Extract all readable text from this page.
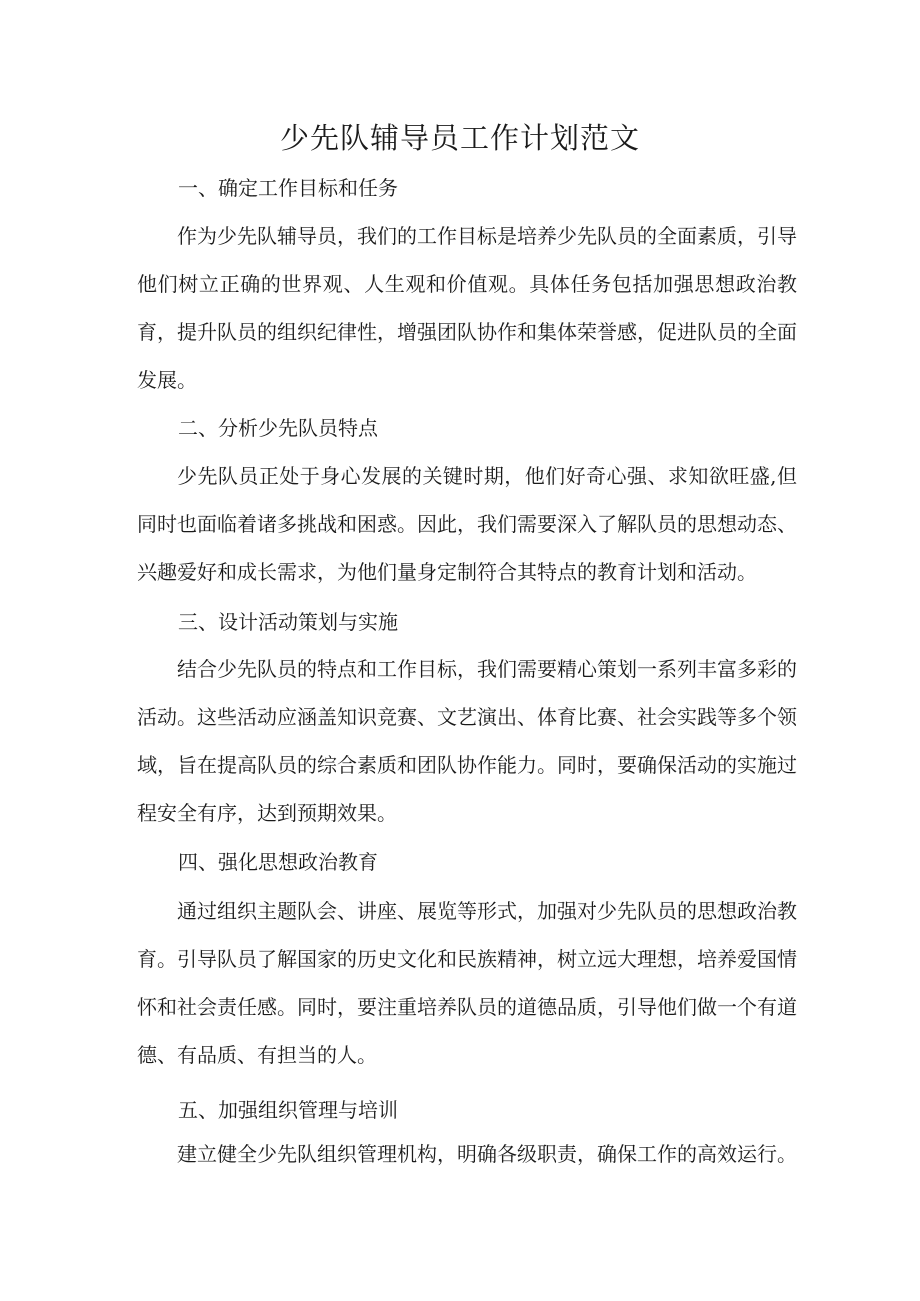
少先队辅导员工作计划范文
一、确定工作目标和任务

作为少先队辅导员，我们的工作目标是培养少先队员的全面素质，引导他们树立正确的世界观、人生观和价值观。具体任务包括加强思想政治教育，提升队员的组织纪律性，增强团队协作和集体荣誉感，促进队员的全面发展。

二、分析少先队员特点

少先队员正处于身心发展的关键时期，他们好奇心强、求知欲旺盛,但同时也面临着诸多挑战和困惑。因此，我们需要深入了解队员的思想动态、兴趣爱好和成长需求，为他们量身定制符合其特点的教育计划和活动。

三、设计活动策划与实施

结合少先队员的特点和工作目标，我们需要精心策划一系列丰富多彩的活动。这些活动应涵盖知识竞赛、文艺演出、体育比赛、社会实践等多个领域，旨在提高队员的综合素质和团队协作能力。同时，要确保活动的实施过程安全有序，达到预期效果。

四、强化思想政治教育

通过组织主题队会、讲座、展览等形式，加强对少先队员的思想政治教育。引导队员了解国家的历史文化和民族精神，树立远大理想，培养爱国情怀和社会责任感。同时，要注重培养队员的道德品质，引导他们做一个有道德、有品质、有担当的人。

五、加强组织管理与培训

建立健全少先队组织管理机构，明确各级职责，确保工作的高效运行。
